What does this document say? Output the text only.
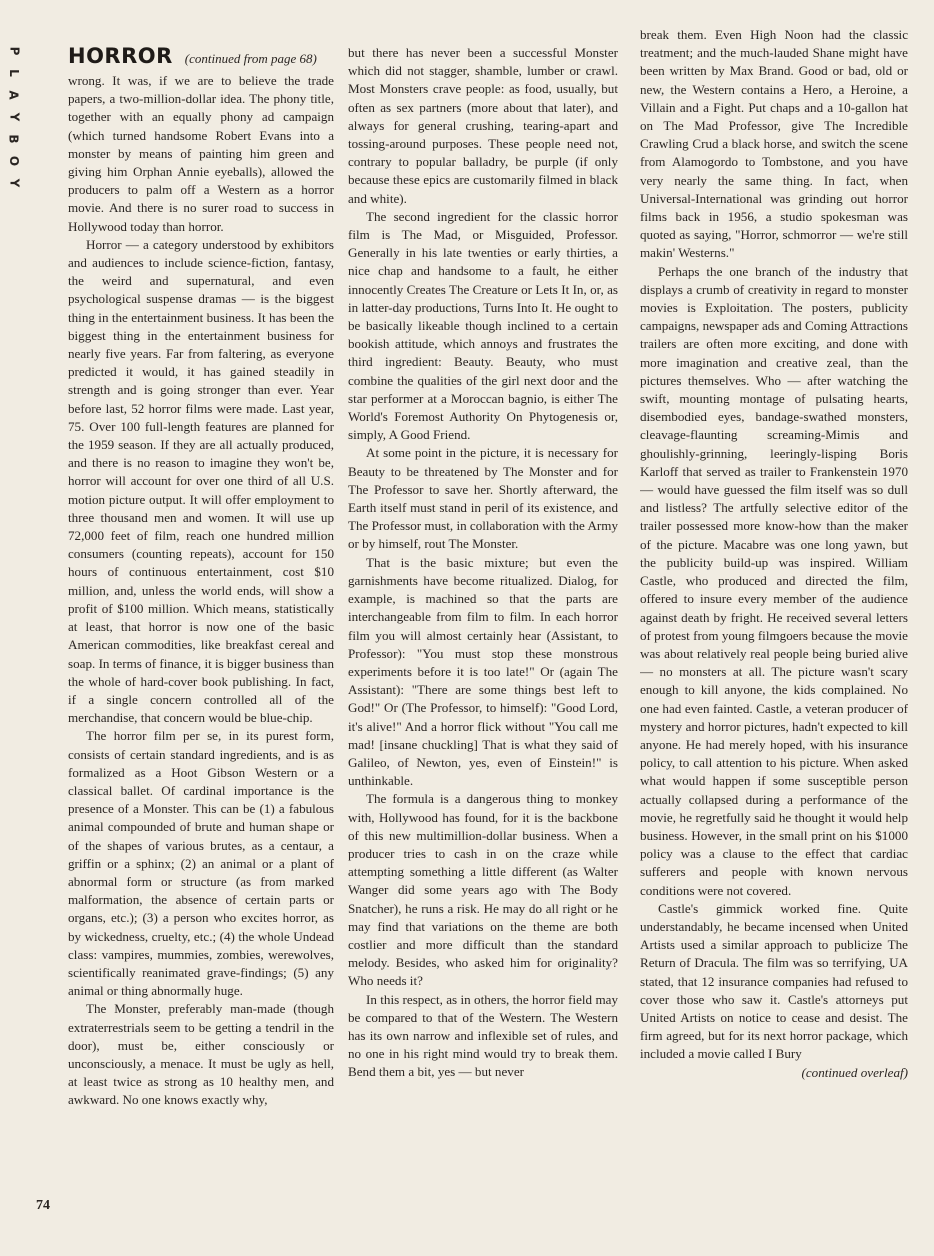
P
L
A
Y
B
O
Y
HORROR (continued from page 68)

wrong. It was, if we are to believe the trade papers, a two-million-dollar idea. The phony title, together with an equally phony ad campaign (which turned handsome Robert Evans into a monster by means of painting him green and giving him Orphan Annie eyeballs), allowed the producers to palm off a Western as a horror movie. And there is no surer road to success in Hollywood today than horror.

Horror — a category understood by exhibitors and audiences to include science-fiction, fantasy, the weird and supernatural, and even psychological suspense dramas — is the biggest thing in the entertainment business. It has been the biggest thing in the entertainment business for nearly five years. Far from faltering, as everyone predicted it would, it has gained steadily in strength and is going stronger than ever. Year before last, 52 horror films were made. Last year, 75. Over 100 full-length features are planned for the 1959 season. If they are all actually produced, and there is no reason to imagine they won't be, horror will account for over one third of all U.S. motion picture output. It will offer employment to three thousand men and women. It will use up 72,000 feet of film, reach one hundred million consumers (counting repeats), account for 150 hours of continuous entertainment, cost $10 million, and, unless the world ends, will show a profit of $100 million. Which means, statistically at least, that horror is now one of the basic American commodities, like breakfast cereal and soap. In terms of finance, it is bigger business than the whole of hard-cover book publishing. In fact, if a single concern controlled all of the merchandise, that concern would be blue-chip.

The horror film per se, in its purest form, consists of certain standard ingredients, and is as formalized as a Hoot Gibson Western or a classical ballet. Of cardinal importance is the presence of a Monster. This can be (1) a fabulous animal compounded of brute and human shape or of the shapes of various brutes, as a centaur, a griffin or a sphinx; (2) an animal or a plant of abnormal form or structure (as from marked malformation, the absence of certain parts or organs, etc.); (3) a person who excites horror, as by wickedness, cruelty, etc.; (4) the whole Undead class: vampires, mummies, zombies, werewolves, scientifically reanimated grave-findings; (5) any animal or thing abnormally huge.

The Monster, preferably man-made (though extraterrestrials seem to be getting a tendril in the door), must be, either consciously or unconsciously, a menace. It must be ugly as hell, at least twice as strong as 10 healthy men, and awkward. No one knows exactly why,

but there has never been a successful Monster which did not stagger, shamble, lumber or crawl. Most Monsters crave people: as food, usually, but often as sex partners (more about that later), and always for general crushing, tearing-apart and tossing-around purposes. These people need not, contrary to popular balladry, be purple (if only because these epics are customarily filmed in black and white).

The second ingredient for the classic horror film is The Mad, or Misguided, Professor. Generally in his late twenties or early thirties, a nice chap and handsome to a fault, he either innocently Creates The Creature or Lets It In, or, as in latter-day productions, Turns Into It. He ought to be basically likeable though inclined to a certain bookish attitude, which annoys and frustrates the third ingredient: Beauty. Beauty, who must combine the qualities of the girl next door and the star performer at a Moroccan bagnio, is either The World's Foremost Authority On Phytogenesis or, simply, A Good Friend.

At some point in the picture, it is necessary for Beauty to be threatened by The Monster and for The Professor to save her. Shortly afterward, the Earth itself must stand in peril of its existence, and The Professor must, in collaboration with the Army or by himself, rout The Monster.

That is the basic mixture; but even the garnishments have become ritualized. Dialog, for example, is machined so that the parts are interchangeable from film to film. In each horror film you will almost certainly hear (Assistant, to Professor): "You must stop these monstrous experiments before it is too late!" Or (again The Assistant): "There are some things best left to God!" Or (The Professor, to himself): "Good Lord, it's alive!" And a horror flick without "You call me mad! [insane chuckling] That is what they said of Galileo, of Newton, yes, even of Einstein!" is unthinkable.

The formula is a dangerous thing to monkey with, Hollywood has found, for it is the backbone of this new multimillion-dollar business. When a producer tries to cash in on the craze while attempting something a little different (as Walter Wanger did some years ago with The Body Snatcher), he runs a risk. He may do all right or he may find that variations on the theme are both costlier and more difficult than the standard melody. Besides, who asked him for originality? Who needs it?

In this respect, as in others, the horror field may be compared to that of the Western. The Western has its own narrow and inflexible set of rules, and no one in his right mind would try to break them. Bend them a bit, yes — but never

break them. Even High Noon had the classic treatment; and the much-lauded Shane might have been written by Max Brand. Good or bad, old or new, the Western contains a Hero, a Heroine, a Villain and a Fight. Put chaps and a 10-gallon hat on The Mad Professor, give The Incredible Crawling Crud a black horse, and switch the scene from Alamogordo to Tombstone, and you have very nearly the same thing. In fact, when Universal-International was grinding out horror films back in 1956, a studio spokesman was quoted as saying, "Horror, schmorror — we're still makin' Westerns."

Perhaps the one branch of the industry that displays a crumb of creativity in regard to monster movies is Exploitation. The posters, publicity campaigns, newspaper ads and Coming Attractions trailers are often more exciting, and done with more imagination and creative zeal, than the pictures themselves. Who — after watching the swift, mounting montage of pulsating hearts, disembodied eyes, bandage-swathed monsters, cleavage-flaunting screaming-Mimis and ghoulishly-grinning, leeringly-lisping Boris Karloff that served as trailer to Frankenstein 1970 — would have guessed the film itself was so dull and listless? The artfully selective editor of the trailer possessed more know-how than the maker of the picture. Macabre was one long yawn, but the publicity build-up was inspired. William Castle, who produced and directed the film, offered to insure every member of the audience against death by fright. He received several letters of protest from young filmgoers because the movie was about relatively real people being buried alive — no monsters at all. The picture wasn't scary enough to kill anyone, the kids complained. No one had even fainted. Castle, a veteran producer of mystery and horror pictures, hadn't expected to kill anyone. He had merely hoped, with his insurance policy, to call attention to his picture. When asked what would happen if some susceptible person actually collapsed during a performance of the movie, he regretfully said he thought it would help business. However, in the small print on his $1000 policy was a clause to the effect that cardiac sufferers and people with known nervous conditions were not covered.

Castle's gimmick worked fine. Quite understandably, he became incensed when United Artists used a similar approach to publicize The Return of Dracula. The film was so terrifying, UA stated, that 12 insurance companies had refused to cover those who saw it. Castle's attorneys put United Artists on notice to cease and desist. The firm agreed, but for its next horror package, which included a movie called I Bury

(continued overleaf)

74
